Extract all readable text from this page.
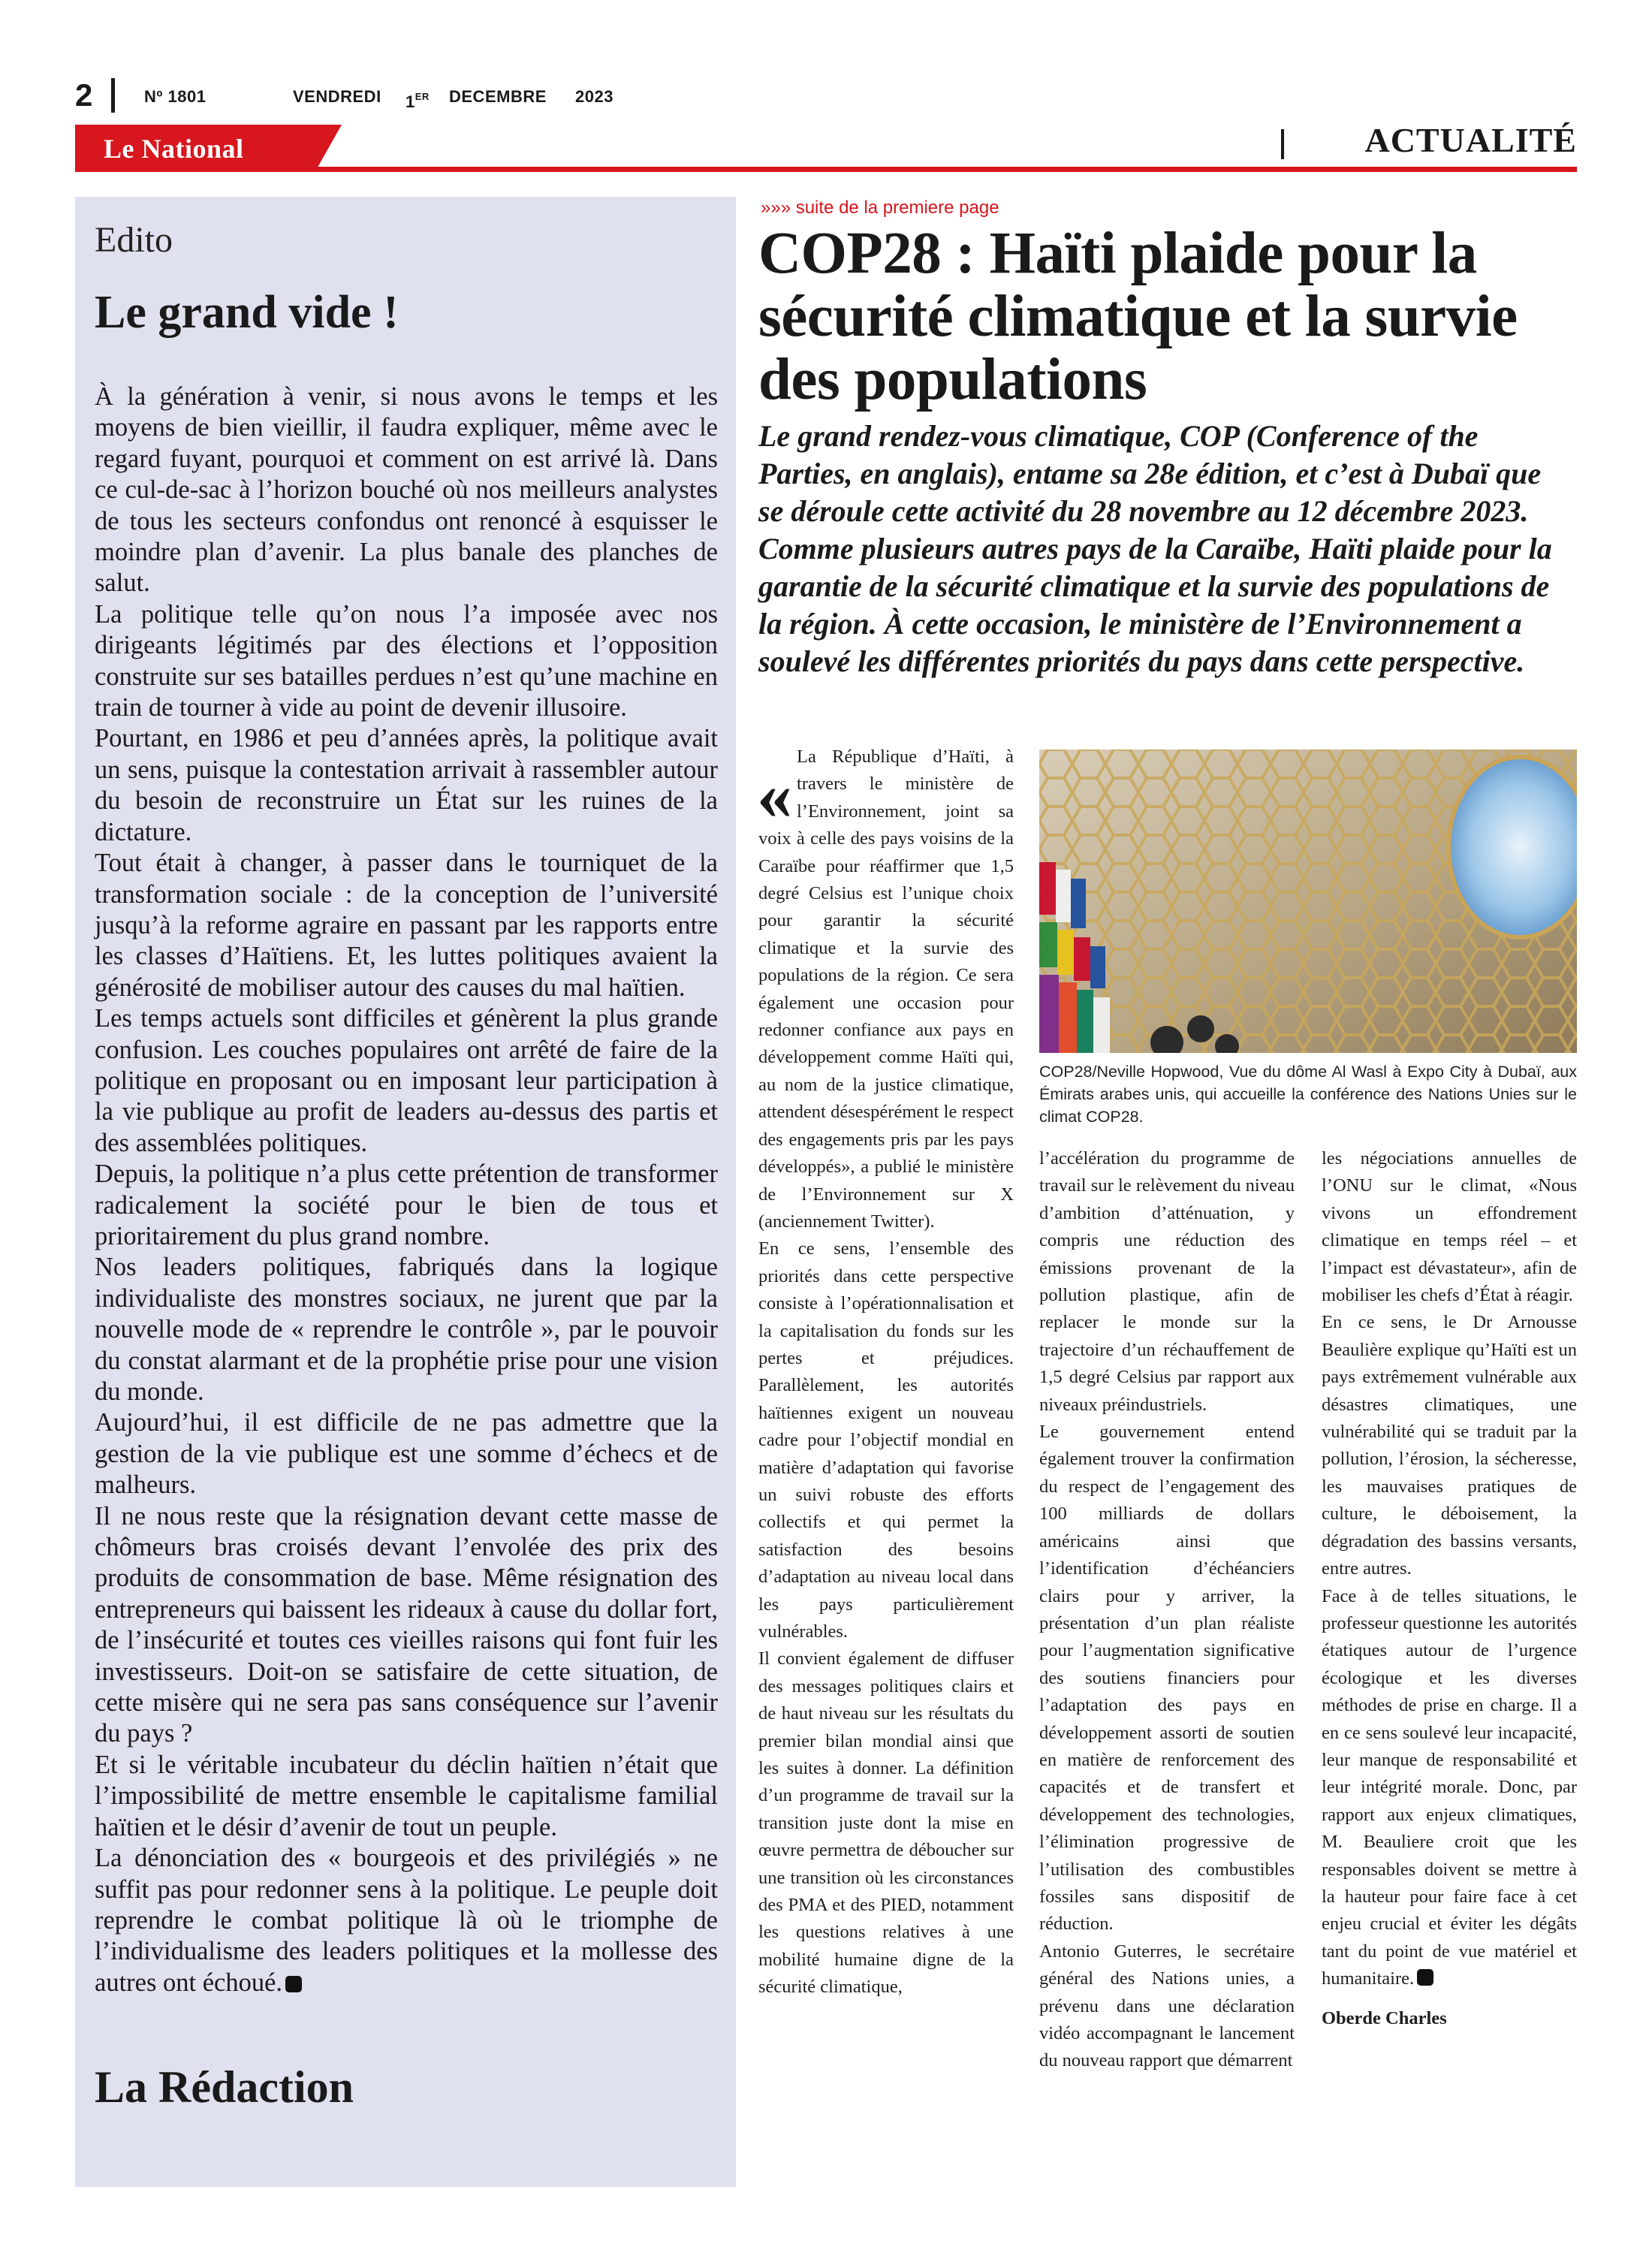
2	Nº 1801	VENDREDI 1ER DECEMBRE 2023
Le National	ACTUALITÉ
Edito
Le grand vide !

À la génération à venir, si nous avons le temps et les moyens de bien vieillir, il faudra expliquer, même avec le regard fuyant, pourquoi et comment on est arrivé là. Dans ce cul-de-sac à l’horizon bouché où nos meilleurs analystes de tous les secteurs confondus ont renoncé à esquisser le moindre plan d’avenir. La plus banale des planches de salut.

La politique telle qu’on nous l’a imposée avec nos dirigeants légitimés par des élections et l’opposition construite sur ses batailles perdues n’est qu’une machine en train de tourner à vide au point de devenir illusoire.

Pourtant, en 1986 et peu d’années après, la politique avait un sens, puisque la contestation arrivait à rassembler autour du besoin de reconstruire un État sur les ruines de la dictature.

Tout était à changer, à passer dans le tourniquet de la transformation sociale : de la conception de l’université jusqu’à la reforme agraire en passant par les rapports entre les classes d’Haïtiens. Et, les luttes politiques avaient la générosité de mobiliser autour des causes du mal haïtien.

Les temps actuels sont difficiles et génèrent la plus grande confusion. Les couches populaires ont arrêté de faire de la politique en proposant ou en imposant leur participation à la vie publique au profit de leaders au-dessus des partis et des assemblées politiques.

Depuis, la politique n’a plus cette prétention de transformer radicalement la société pour le bien de tous et prioritairement du plus grand nombre.

Nos leaders politiques, fabriqués dans la logique individualiste des monstres sociaux, ne jurent que par la nouvelle mode de « reprendre le contrôle », par le pouvoir du constat alarmant et de la prophétie prise pour une vision du monde.

Aujourd’hui, il est difficile de ne pas admettre que la gestion de la vie publique est une somme d’échecs et de malheurs.

Il ne nous reste que la résignation devant cette masse de chômeurs bras croisés devant l’envolée des prix des produits de consommation de base. Même résignation des entrepreneurs qui baissent les rideaux à cause du dollar fort, de l’insécurité et toutes ces vieilles raisons qui font fuir les investisseurs. Doit-on se satisfaire de cette situation, de cette misère qui ne sera pas sans conséquence sur l’avenir du pays ?

Et si le véritable incubateur du déclin haïtien n’était que l’impossibilité de mettre ensemble le capitalisme familial haïtien et le désir d’avenir de tout un peuple.

La dénonciation des « bourgeois et des privilégiés » ne suffit pas pour redonner sens à la politique. Le peuple doit reprendre le combat politique là où le triomphe de l’individualisme des leaders politiques et la mollesse des autres ont échoué.

La Rédaction
»»» suite de la premiere page
COP28 : Haïti plaide pour la sécurité climatique et la survie des populations
Le grand rendez-vous climatique, COP (Conference of the Parties, en anglais), entame sa 28e édition, et c’est à Dubaï que se déroule cette activité du 28 novembre au 12 décembre 2023. Comme plusieurs autres pays de la Caraïbe, Haïti plaide pour la garantie de la sécurité climatique et la survie des populations de la région. À cette occasion, le ministère de l’Environnement a soulevé les différentes priorités du pays dans cette perspective.
« La République d’Haïti, à travers le ministère de l’Environnement, joint sa voix à celle des pays voisins de la Caraïbe pour réaffirmer que 1,5 degré Celsius est l’unique choix pour garantir la sécurité climatique et la survie des populations de la région. Ce sera également une occasion pour redonner confiance aux pays en développement comme Haïti qui, au nom de la justice climatique, attendent désespérément le respect des engagements pris par les pays développés», a publié le ministère de l’Environnement sur X (anciennement Twitter).

En ce sens, l’ensemble des priorités dans cette perspective consiste à l’opérationnalisation et la capitalisation du fonds sur les pertes et préjudices. Parallèlement, les autorités haïtiennes exigent un nouveau cadre pour l’objectif mondial en matière d’adaptation qui favorise un suivi robuste des efforts collectifs et qui permet la satisfaction des besoins d’adaptation au niveau local dans les pays particulièrement vulnérables.

Il convient également de diffuser des messages politiques clairs et de haut niveau sur les résultats du premier bilan mondial ainsi que les suites à donner. La définition d’un programme de travail sur la transition juste dont la mise en œuvre permettra de déboucher sur une transition où les circonstances des PMA et des PIED, notamment les questions relatives à une mobilité humaine digne de la sécurité climatique,

COP28/Neville Hopwood, Vue du dôme Al Wasl à Expo City à Dubaï, aux Émirats arabes unis, qui accueille la conférence des Nations Unies sur le climat COP28.

l’accélération du programme de travail sur le relèvement du niveau d’ambition d’atténuation, y compris une réduction des émissions provenant de la pollution plastique, afin de replacer le monde sur la trajectoire d’un réchauffement de 1,5 degré Celsius par rapport aux niveaux préindustriels.

Le gouvernement entend également trouver la confirmation du respect de l’engagement des 100 milliards de dollars américains ainsi que l’identification d’échéanciers clairs pour y arriver, la présentation d’un plan réaliste pour l’augmentation significative des soutiens financiers pour l’adaptation des pays en développement assorti de soutien en matière de renforcement des capacités et de transfert et développement des technologies, l’élimination progressive de l’utilisation des combustibles fossiles sans dispositif de réduction.

Antonio Guterres, le secrétaire général des Nations unies, a prévenu dans une déclaration vidéo accompagnant le lancement du nouveau rapport que démarrent

les négociations annuelles de l’ONU sur le climat, «Nous vivons un effondrement climatique en temps réel – et l’impact est dévastateur», afin de mobiliser les chefs d’État à réagir.

En ce sens, le Dr Arnousse Beaulière explique qu’Haïti est un pays extrêmement vulnérable aux désastres climatiques, une vulnérabilité qui se traduit par la pollution, l’érosion, la sécheresse, les mauvaises pratiques de culture, le déboisement, la dégradation des bassins versants, entre autres.

Face à de telles situations, le professeur questionne les autorités étatiques autour de l’urgence écologique et les diverses méthodes de prise en charge. Il a en ce sens soulevé leur incapacité, leur manque de responsabilité et leur intégrité morale. Donc, par rapport aux enjeux climatiques, M. Beauliere croit que les responsables doivent se mettre à la hauteur pour faire face à cet enjeu crucial et éviter les dégâts tant du point de vue matériel et humanitaire.

Oberde Charles
